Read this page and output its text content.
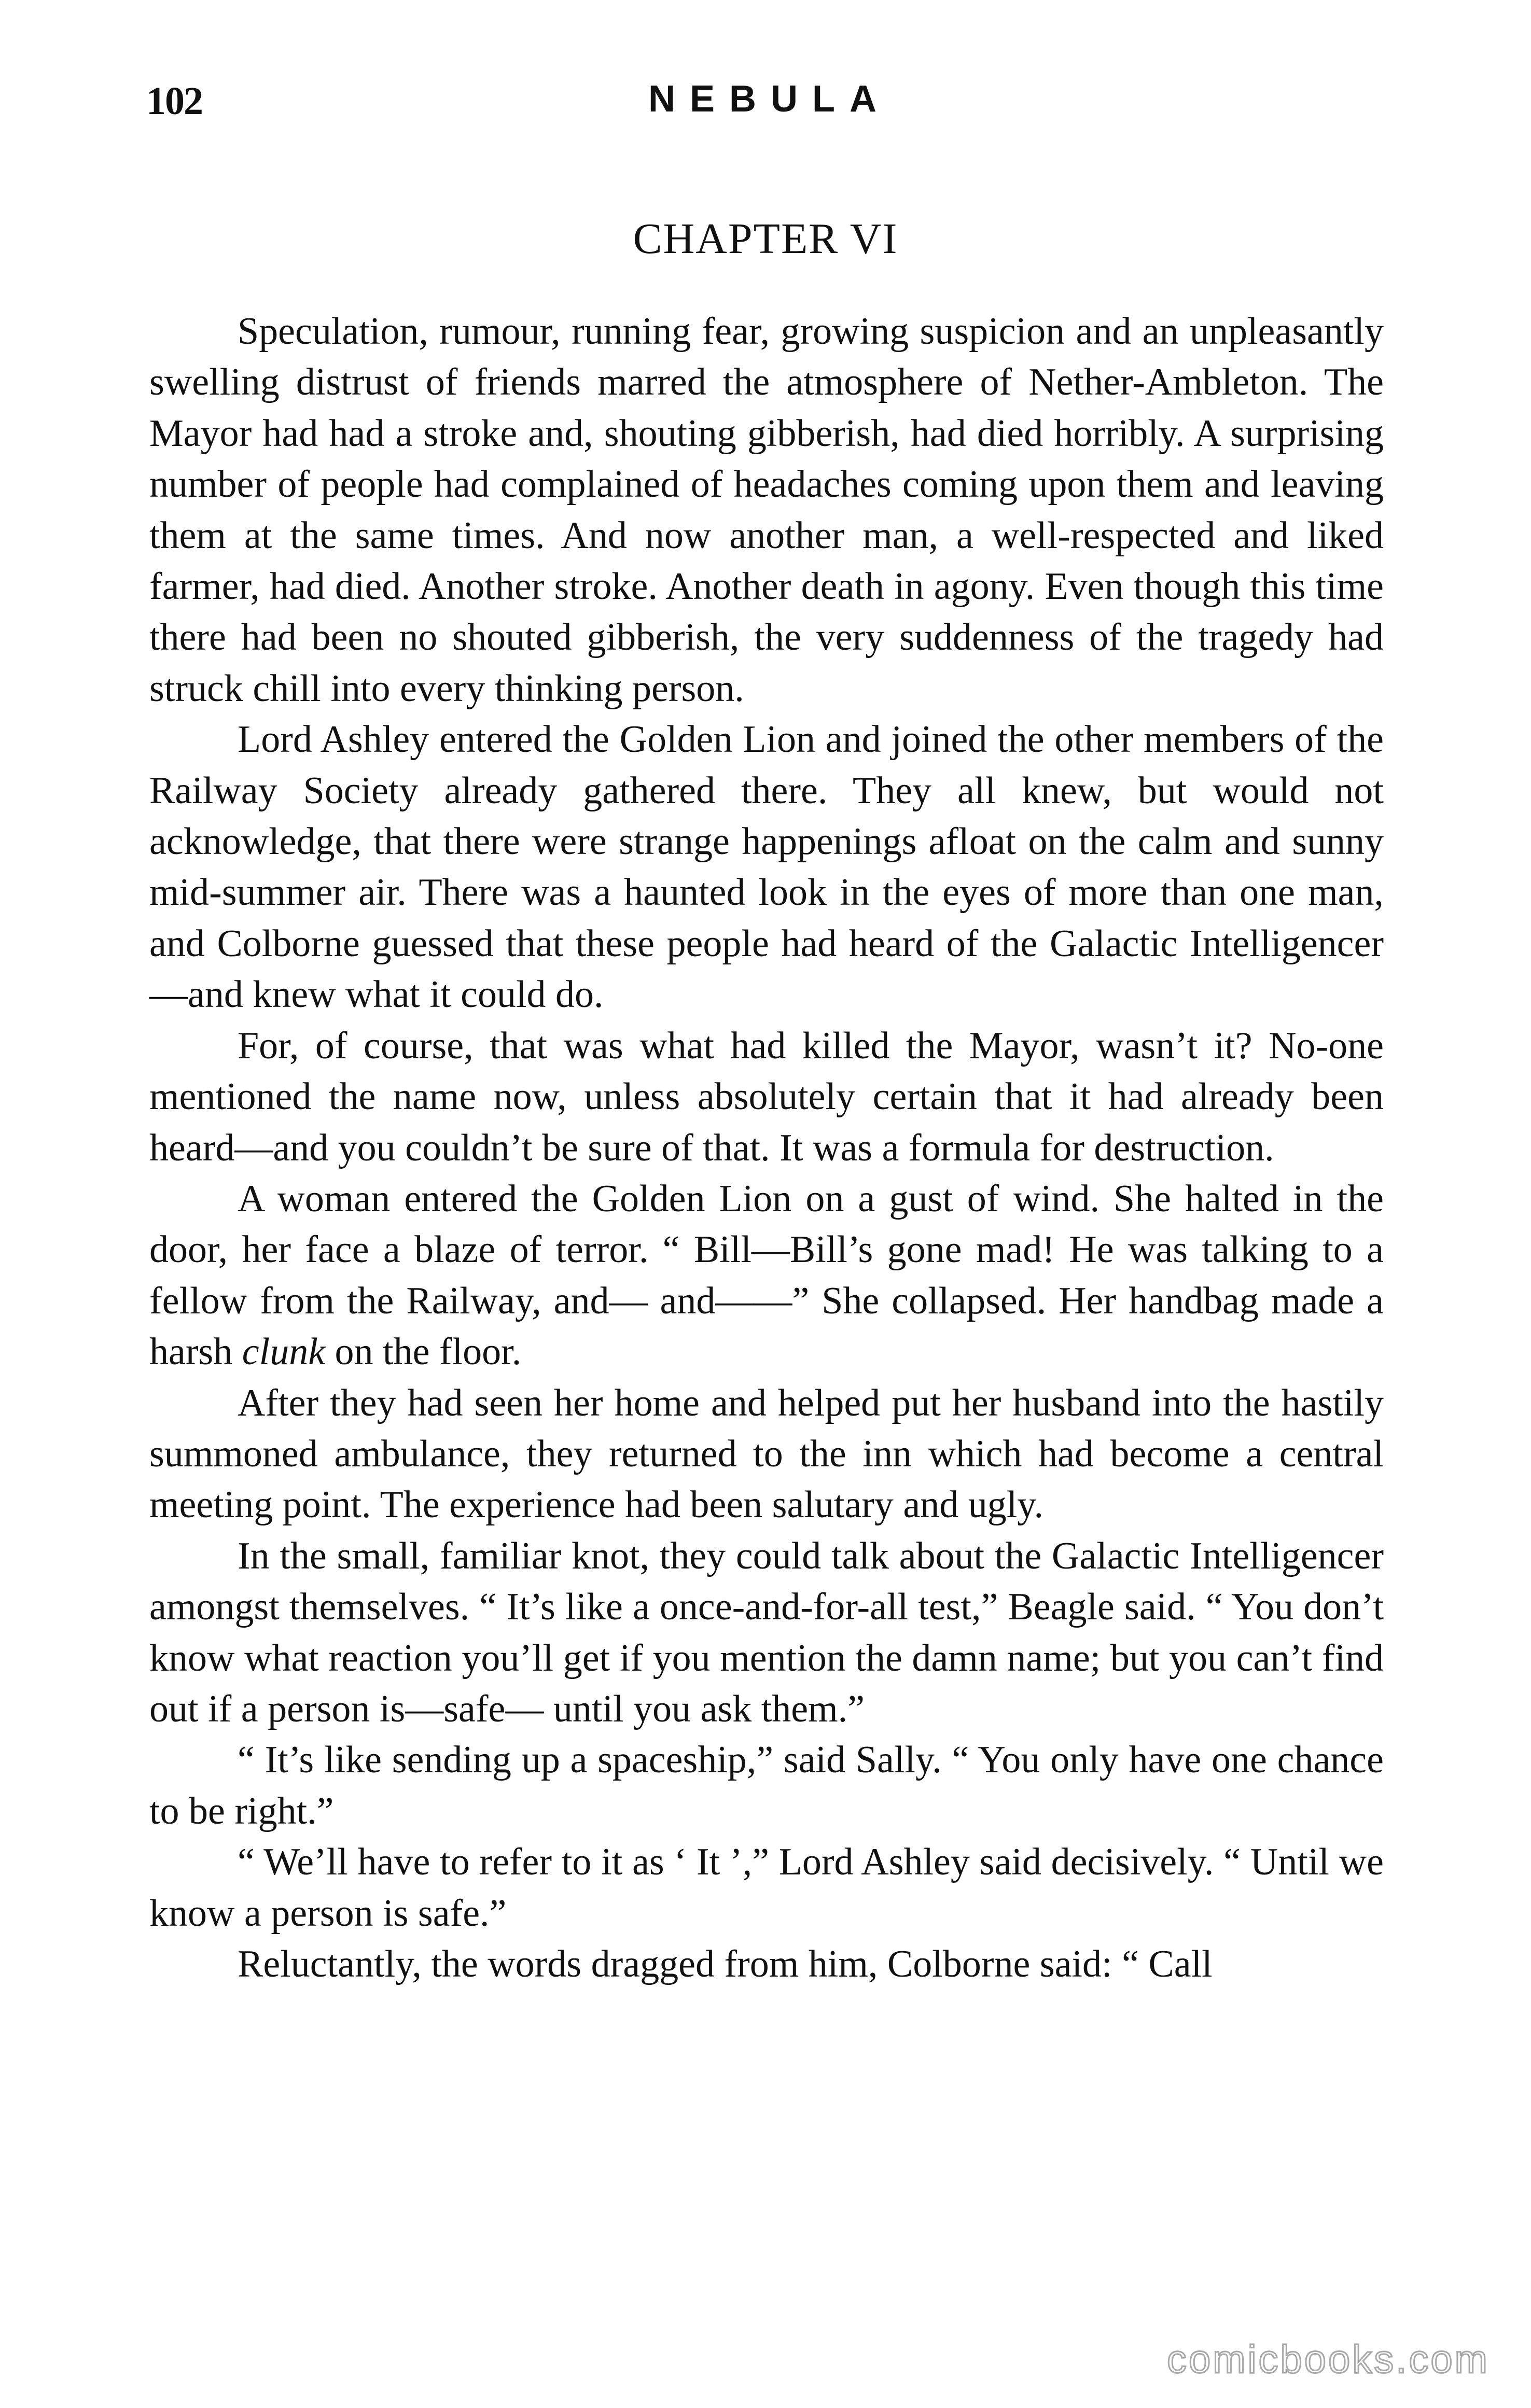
102	NEBULA
CHAPTER VI

Speculation, rumour, running fear, growing suspicion and an unpleasantly swelling distrust of friends marred the atmosphere of Nether-Ambleton. The Mayor had had a stroke and, shouting gibberish, had died horribly. A surprising number of people had complained of headaches coming upon them and leaving them at the same times. And now another man, a well-respected and liked farmer, had died. Another stroke. Another death in agony. Even though this time there had been no shouted gibberish, the very suddenness of the tragedy had struck chill into every thinking person.

Lord Ashley entered the Golden Lion and joined the other members of the Railway Society already gathered there. They all knew, but would not acknowledge, that there were strange happenings afloat on the calm and sunny mid-summer air. There was a haunted look in the eyes of more than one man, and Colborne guessed that these people had heard of the Galactic Intelligencer—and knew what it could do.

For, of course, that was what had killed the Mayor, wasn’t it? No-one mentioned the name now, unless absolutely certain that it had already been heard—and you couldn’t be sure of that. It was a formula for destruction.

A woman entered the Golden Lion on a gust of wind. She halted in the door, her face a blaze of terror. “ Bill—Bill’s gone mad! He was talking to a fellow from the Railway, and— and——” She collapsed. Her handbag made a harsh clunk on the floor.

After they had seen her home and helped put her husband into the hastily summoned ambulance, they returned to the inn which had become a central meeting point. The experience had been salutary and ugly.

In the small, familiar knot, they could talk about the Galactic Intelligencer amongst themselves. “ It’s like a once-and-for-all test,” Beagle said. “ You don’t know what reaction you’ll get if you mention the damn name; but you can’t find out if a person is—safe— until you ask them.”

“ It’s like sending up a spaceship,” said Sally. “ You only have one chance to be right.”

“ We’ll have to refer to it as ‘ It ’,” Lord Ashley said decisively. “ Until we know a person is safe.”

Reluctantly, the words dragged from him, Colborne said: “ Call

comicbooks.com
